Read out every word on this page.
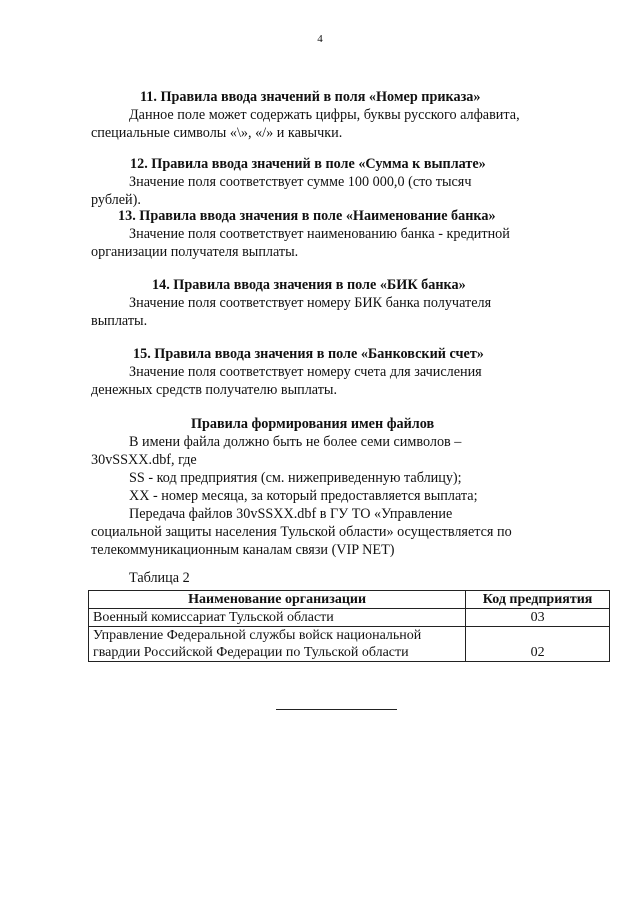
4
11. Правила ввода значений в поля «Номер приказа»
Данное поле может содержать цифры, буквы русского алфавита,
специальные символы «\», «/» и кавычки.
12. Правила ввода значений в поле «Сумма к выплате»
Значение поля соответствует сумме 100 000,0 (сто тысяч
рублей).
13. Правила ввода значения в поле «Наименование банка»
Значение поля соответствует наименованию банка - кредитной
организации получателя выплаты.
14. Правила ввода значения в поле «БИК банка»
Значение поля соответствует номеру БИК банка получателя
выплаты.
15. Правила ввода значения в поле «Банковский счет»
Значение поля соответствует номеру счета для зачисления
денежных средств получателю выплаты.
Правила формирования имен файлов
В имени файла должно быть не более семи символов –
30vSSXX.dbf, где
SS - код предприятия (см. нижеприведенную таблицу);
XX - номер месяца, за который предоставляется выплата;
Передача файлов 30vSSXX.dbf в ГУ ТО «Управление
социальной защиты населения Тульской области» осуществляется по
телекоммуникационным каналам связи (VIP NET)
Таблица 2
Наименование организации	Код предприятия
Военный комиссариат Тульской области	03

Управление Федеральной службы войск национальной
гвардии Российской Федерации по Тульской области	02
